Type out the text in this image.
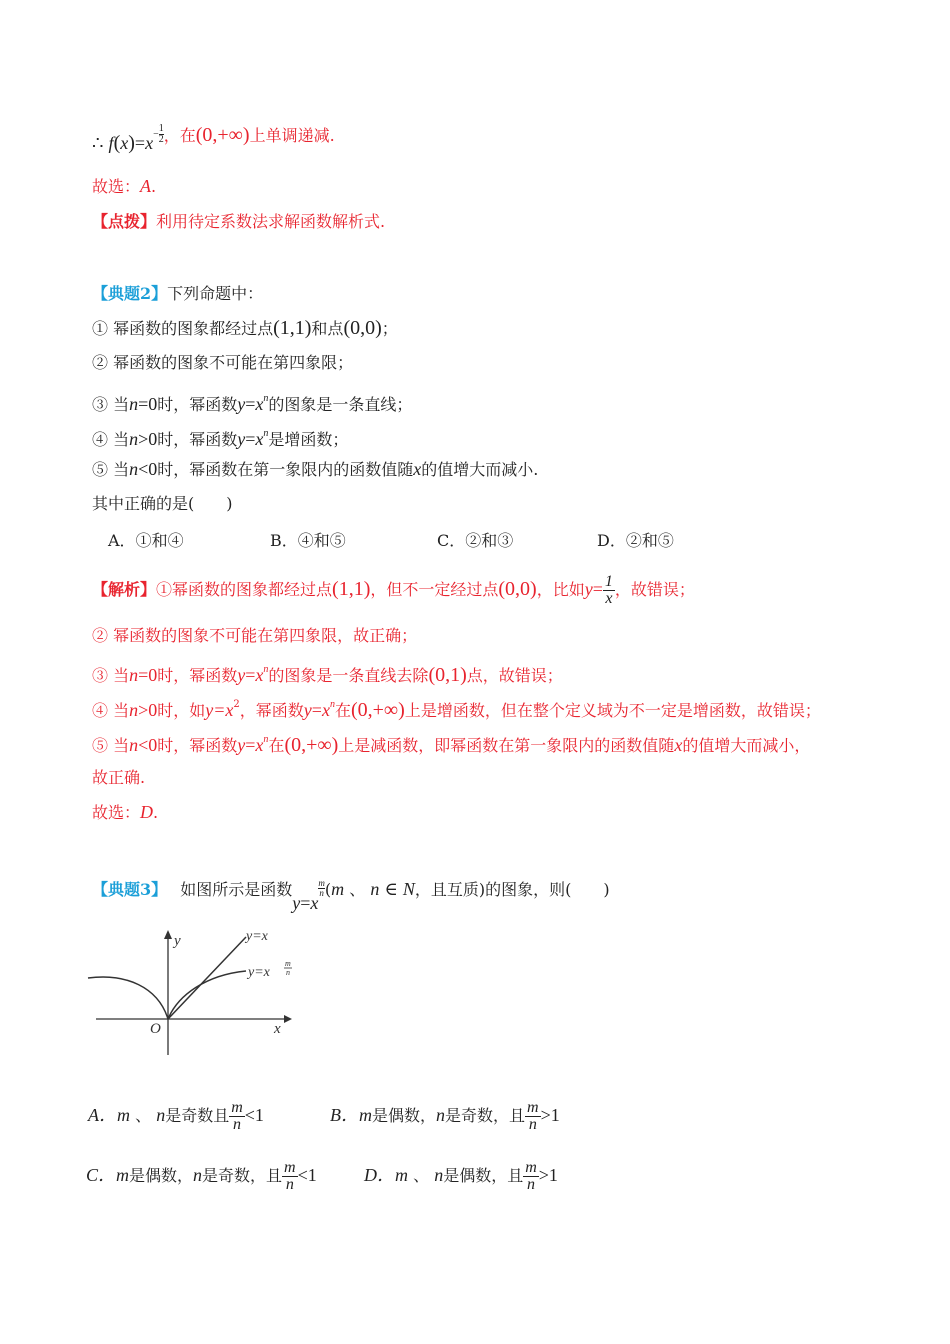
∴ $f(x)=x^{- \frac{1}{2}}$ ，在(0,+∞)上单调递减.
故选：A.
【点拨】利用待定系数法求解函数解析式.
【典题2】下列命题中：
① 幂函数的图象都经过点(1,1)和点(0,0)；
② 幂函数的图象不可能在第四象限；
③ 当n=0时，幂函数$y=x^n$的图象是一条直线；
④ 当n>0时，幂函数$y=x^n$是增函数；
⑤ 当n<0时，幂函数在第一象限内的函数值随x的值增大而减小.
其中正确的是(　　)
A．①和④	B．④和⑤	C．②和③	D．②和⑤
【解析】①幂函数的图象都经过点(1,1)，但不一定经过点(0,0)，比如$y= \frac{1}{x}$ ，故错误；
② 幂函数的图象不可能在第四象限，故正确；
③ 当n=0时，幂函数$y=x^n$的图象是一条直线去除(0,1)点，故错误；
④ 当n>0时，如$y=x^2$，幂函数$y=x^n$在(0,+∞)上是增函数，但在整个定义域为不一定是增函数，故错误；
⑤ 当n<0时，幂函数$y=x^n$在(0,+∞)上是减函数，即幂函数在第一象限内的函数值随x的值增大而减小，
故正确.
故选：D.
【典题3】 如图所示是函数y=x
$\frac{m}{n} (m$ 、 n ∈ N，且互质)的图象，则(　　)
y
x
O
y=x
y=x
m
n
A．m 、 n是奇数且 $\frac{m}{n} <1$	B．m是偶数，n是奇数，且 $\frac{m}{n} >1$
C．m是偶数，n是奇数，且 $\frac{m}{n} <1$	D．m 、 n是偶数，且 $\frac{m}{n} >1$
